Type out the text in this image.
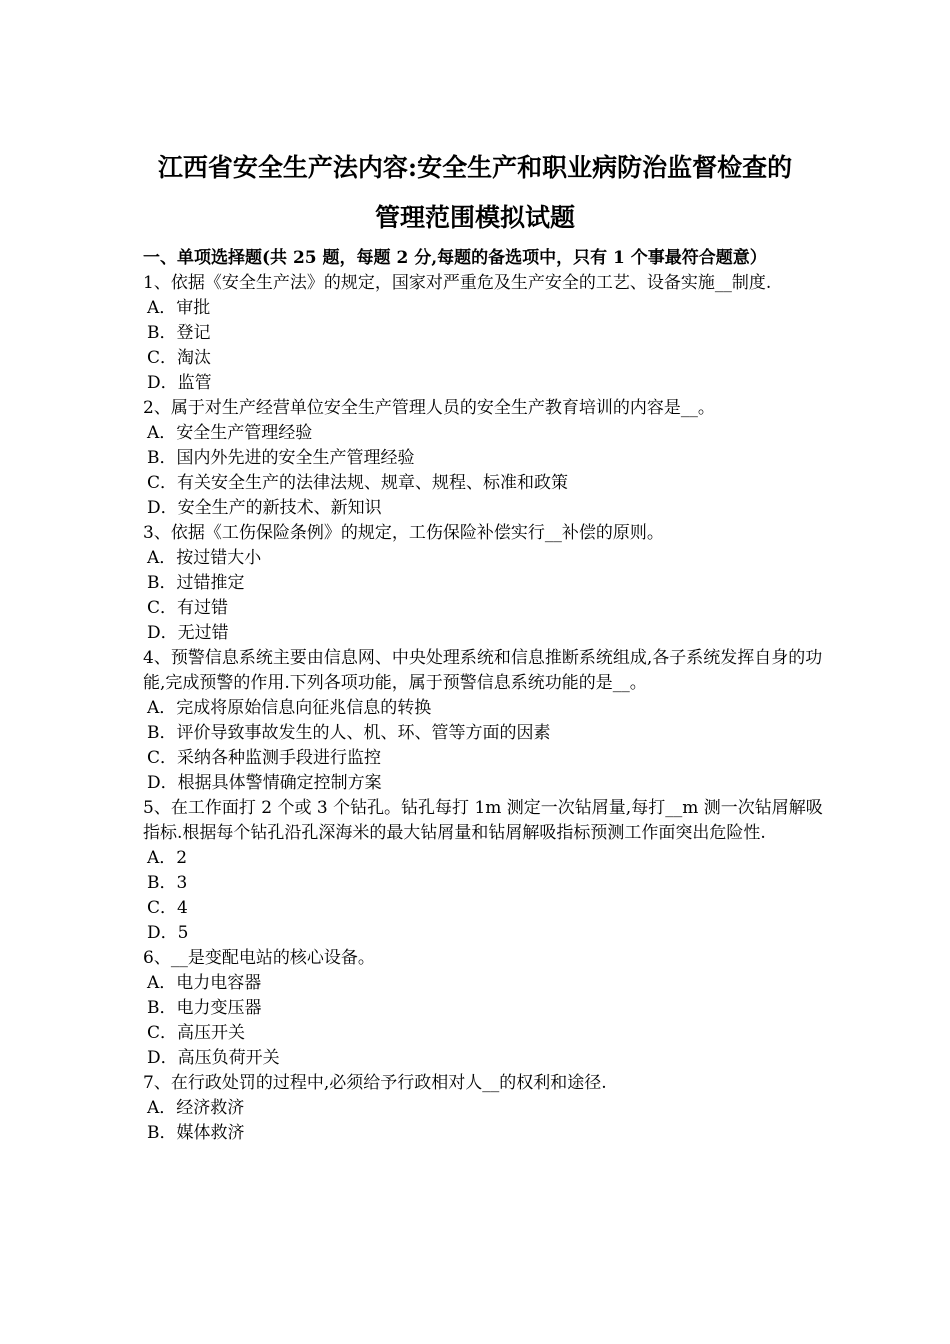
江西省安全生产法内容:安全生产和职业病防治监督检查的
管理范围模拟试题

一、单项选择题(共 25 题，每题 2 分,每题的备选项中，只有 1 个事最符合题意）

1、依据《安全生产法》的规定，国家对严重危及生产安全的工艺、设备实施__制度.

A．审批

B．登记

C．淘汰

D．监管

2、属于对生产经营单位安全生产管理人员的安全生产教育培训的内容是__。

A．安全生产管理经验

B．国内外先进的安全生产管理经验

C．有关安全生产的法律法规、规章、规程、标准和政策

D．安全生产的新技术、新知识

3、依据《工伤保险条例》的规定，工伤保险补偿实行__补偿的原则。

A．按过错大小

B．过错推定

C．有过错

D．无过错

4、预警信息系统主要由信息网、中央处理系统和信息推断系统组成,各子系统发挥自身的功能,完成预警的作用.下列各项功能，属于预警信息系统功能的是__。

A．完成将原始信息向征兆信息的转换

B．评价导致事故发生的人、机、环、管等方面的因素

C．采纳各种监测手段进行监控

D．根据具体警情确定控制方案

5、在工作面打 2 个或 3 个钻孔。钻孔每打 1m 测定一次钻屑量,每打__m 测一次钻屑解吸指标.根据每个钻孔沿孔深海米的最大钻屑量和钻屑解吸指标预测工作面突出危险性.

A．2

B．3

C．4

D．5

6、__是变配电站的核心设备。

A．电力电容器

B．电力变压器

C．高压开关

D．高压负荷开关

7、在行政处罚的过程中,必须给予行政相对人__的权利和途径.

A．经济救济

B．媒体救济
